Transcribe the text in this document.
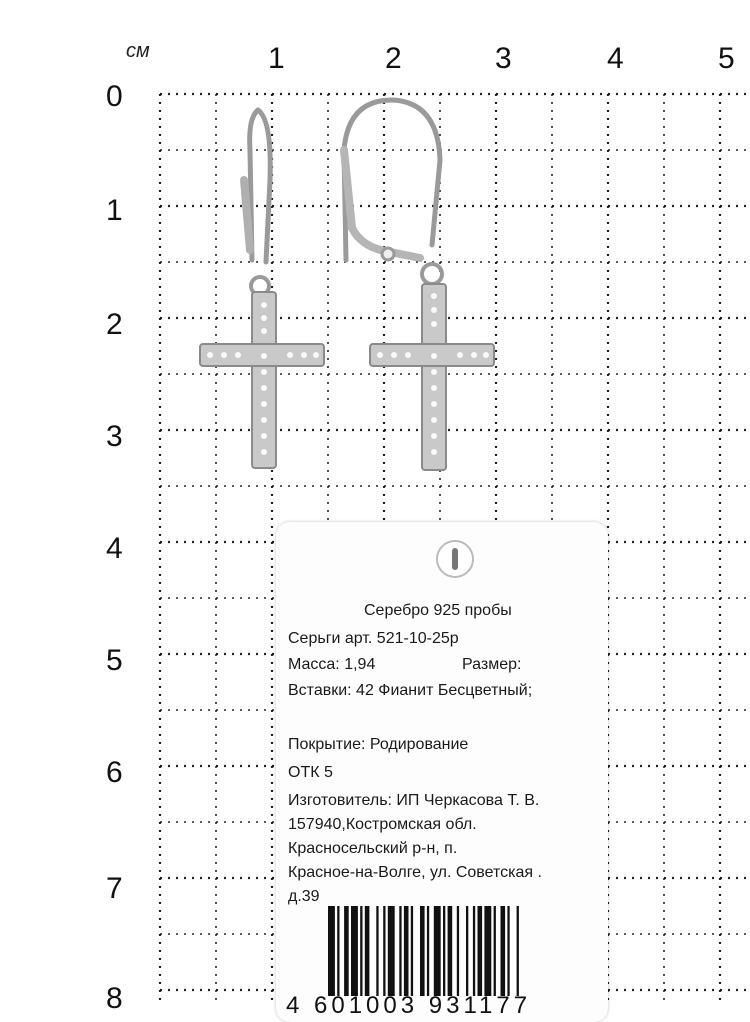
см	1	2	3	4	5
0
1
2
3
4
5
6
7
8
Серебро 925 пробы
Серьги арт. 521-10-25р
Масса: 1,94	Размер:
Вставки: 42 Фианит Бесцветный;
Покрытие: Родирование
ОТК 5
Изготовитель: ИП Черкасова Т. В.
157940,Костромская обл.
Красносельский р-н, п.
Красное-на-Волге, ул. Советская .
д.39
4 601003 931177
